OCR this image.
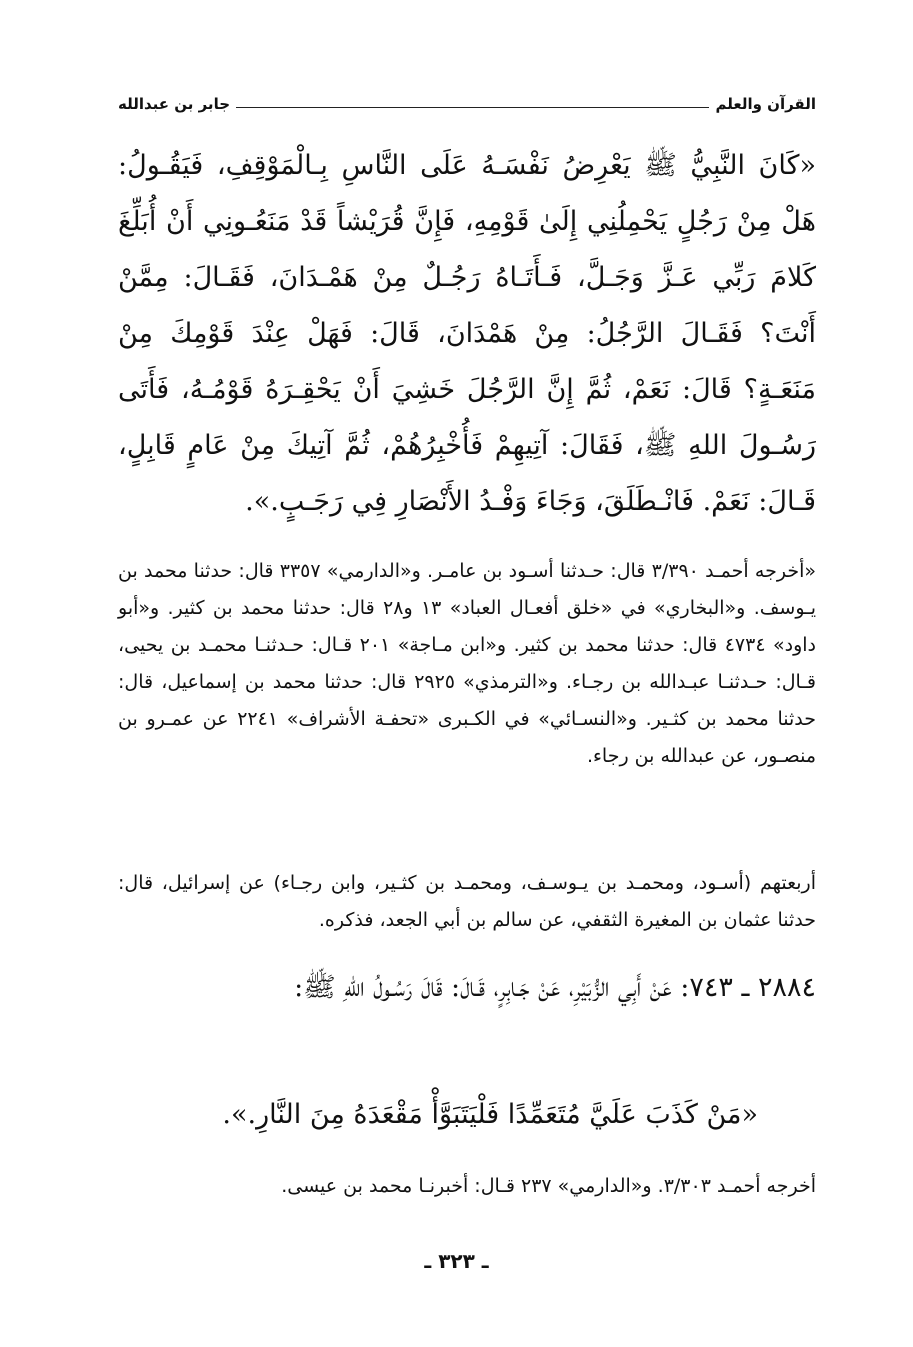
القرآن والعلم
جابر بن عبدالله

«كَانَ النَّبِيُّ ﷺ يَعْرِضُ نَفْسَـهُ عَلَى النَّاسِ بِـالْمَوْقِفِ، فَيَقُـولُ: هَلْ مِنْ رَجُلٍ يَحْمِلُنِي إِلَىٰ قَوْمِهِ، فَإِنَّ قُرَيْشاً قَدْ مَنَعُـونِي أَنْ أُبَلِّغَ كَلامَ رَبِّي عَـزَّ وَجَـلَّ، فَـأَتَـاهُ رَجُـلٌ مِنْ هَمْـدَانَ، فَقَـالَ: مِمَّنْ أَنْتَ؟ فَقَـالَ الرَّجُلُ: مِنْ هَمْدَانَ، قَالَ: فَهَلْ عِنْدَ قَوْمِكَ مِنْ مَنَعَـةٍ؟ قَالَ: نَعَمْ، ثُمَّ إِنَّ الرَّجُلَ خَشِيَ أَنْ يَحْقِـرَهُ قَوْمُـهُ، فَأَتَى رَسُـولَ اللهِ ﷺ، فَقَالَ: آتِيهِمْ فَأُخْبِرُهُمْ، ثُمَّ آتِيكَ مِنْ عَامٍ قَابِلٍ، قَـالَ: نَعَمْ. فَانْـطَلَقَ، وَجَاءَ وَفْـدُ الأَنْصَارِ فِي رَجَـبٍ.».

«أخرجه أحمـد ٣/٣٩٠ قال: حـدثنا أسـود بن عامـر. و«الدارمي» ٣٣٥٧ قال: حدثنا محمد بن يـوسف. و«البخاري» في «خلق أفعـال العباد» ١٣ و٢٨ قال: حدثنا محمد بن كثير. و«أبو داود» ٤٧٣٤ قال: حدثنا محمد بن كثير. و«ابن مـاجة» ٢٠١ قـال: حـدثنـا محمـد بن يحيى، قـال: حـدثنـا عبـدالله بن رجـاء. و«الترمذي» ٢٩٢٥ قال: حدثنا محمد بن إسماعيل، قال: حدثنا محمد بن كثـير. و«النسـائي» في الكـبرى «تحفـة الأشراف» ٢٢٤١ عن عمـرو بن منصـور، عن عبدالله بن رجاء.

أربعتهم (أسـود، ومحمـد بن يـوسـف، ومحمـد بن كثـير، وابن رجـاء) عن إسرائيل، قال: حدثنا عثمان بن المغيرة الثقفي، عن سالم بن أبي الجعد، فذكره.

٢٨٨٤ ـ ٧٤٣: عَنْ أَبِي الزُّبَيْرِ، عَنْ جَـابِرٍ، قَـالَ: قَالَ رَسُـولُ اللهِ ﷺ:

«مَنْ كَذَبَ عَلَيَّ مُتَعَمِّدًا فَلْيَتَبَوَّأْ مَقْعَدَهُ مِنَ النَّارِ.».

أخرجه أحمـد ٣/٣٠٣. و«الدارمي» ٢٣٧ قـال: أخبرنـا محمد بن عيسى.

ـ ٣٢٣ ـ
